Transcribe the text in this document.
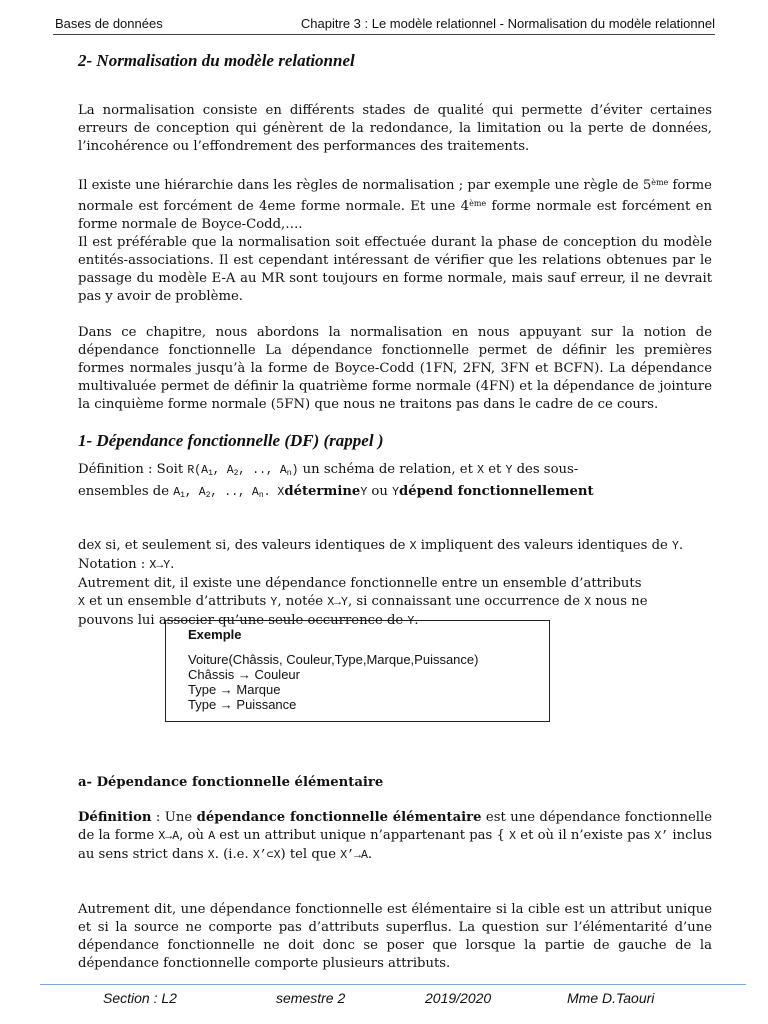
Bases de données	Chapitre 3 : Le modèle relationnel - Normalisation du modèle relationnel
2- Normalisation du modèle relationnel

La normalisation consiste en différents stades de qualité qui permette d’éviter certaines erreurs de conception qui génèrent de la redondance, la limitation ou la perte de données, l’incohérence ou l’effondrement des performances des traitements.

Il existe une hiérarchie dans les règles de normalisation ; par exemple une règle de 5ème forme normale est forcément de 4eme forme normale. Et une 4ème forme normale est forcément en forme normale de Boyce-Codd,….

Il est préférable que la normalisation soit effectuée durant la phase de conception du modèle entités-associations. Il est cependant intéressant de vérifier que les relations obtenues par le passage du modèle E-A au MR sont toujours en forme normale, mais sauf erreur, il ne devrait pas y avoir de problème.

Dans ce chapitre, nous abordons la normalisation en nous appuyant sur la notion de dépendance fonctionnelle La dépendance fonctionnelle permet de définir les premières formes normales jusqu’à la forme de Boyce-Codd (1FN, 2FN, 3FN et BCFN). La dépendance multivaluée permet de définir la quatrième forme normale (4FN) et la dépendance de jointure la cinquième forme normale (5FN) que nous ne traitons pas dans le cadre de ce cours.

1- Dépendance fonctionnelle (DF) (rappel )

Définition : Soit $R(A_1$, $A_2$, .., $A_n$) un schéma de relation, et X et Y des sous-
ensembles de $A_1$, $A_2$, .., $A_n$. XdétermineY ou Ydépend fonctionnellement

deX si, et seulement si, des valeurs identiques de X impliquent des valeurs identiques de Y.
Notation : X→Y.
Autrement dit, il existe une dépendance fonctionnelle entre un ensemble d’attributs
X et un ensemble d’attributs Y, notée X→Y, si connaissant une occurrence de X nous ne
pouvons lui associer qu’une seule occurrence de Y.

Exemple
Voiture(Châssis, Couleur,Type,Marque,Puissance)
Châssis → Couleur
Type → Marque
Type → Puissance

a- Dépendance fonctionnelle élémentaire

Définition : Une dépendance fonctionnelle élémentaire est une dépendance fonctionnelle de la forme X→A, où A est un attribut unique n’appartenant pas { X et où il n’existe pas X’ inclus au sens strict dans X. (i.e. X’⊂X) tel que X’→A.

Autrement dit, une dépendance fonctionnelle est élémentaire si la cible est un attribut unique et si la source ne comporte pas d’attributs superflus. La question sur l’élémentarité d’une dépendance fonctionnelle ne doit donc se poser que lorsque la partie de gauche de la dépendance fonctionnelle comporte plusieurs attributs.

Section : L2	semestre 2	2019/2020	Mme D.Taouri
